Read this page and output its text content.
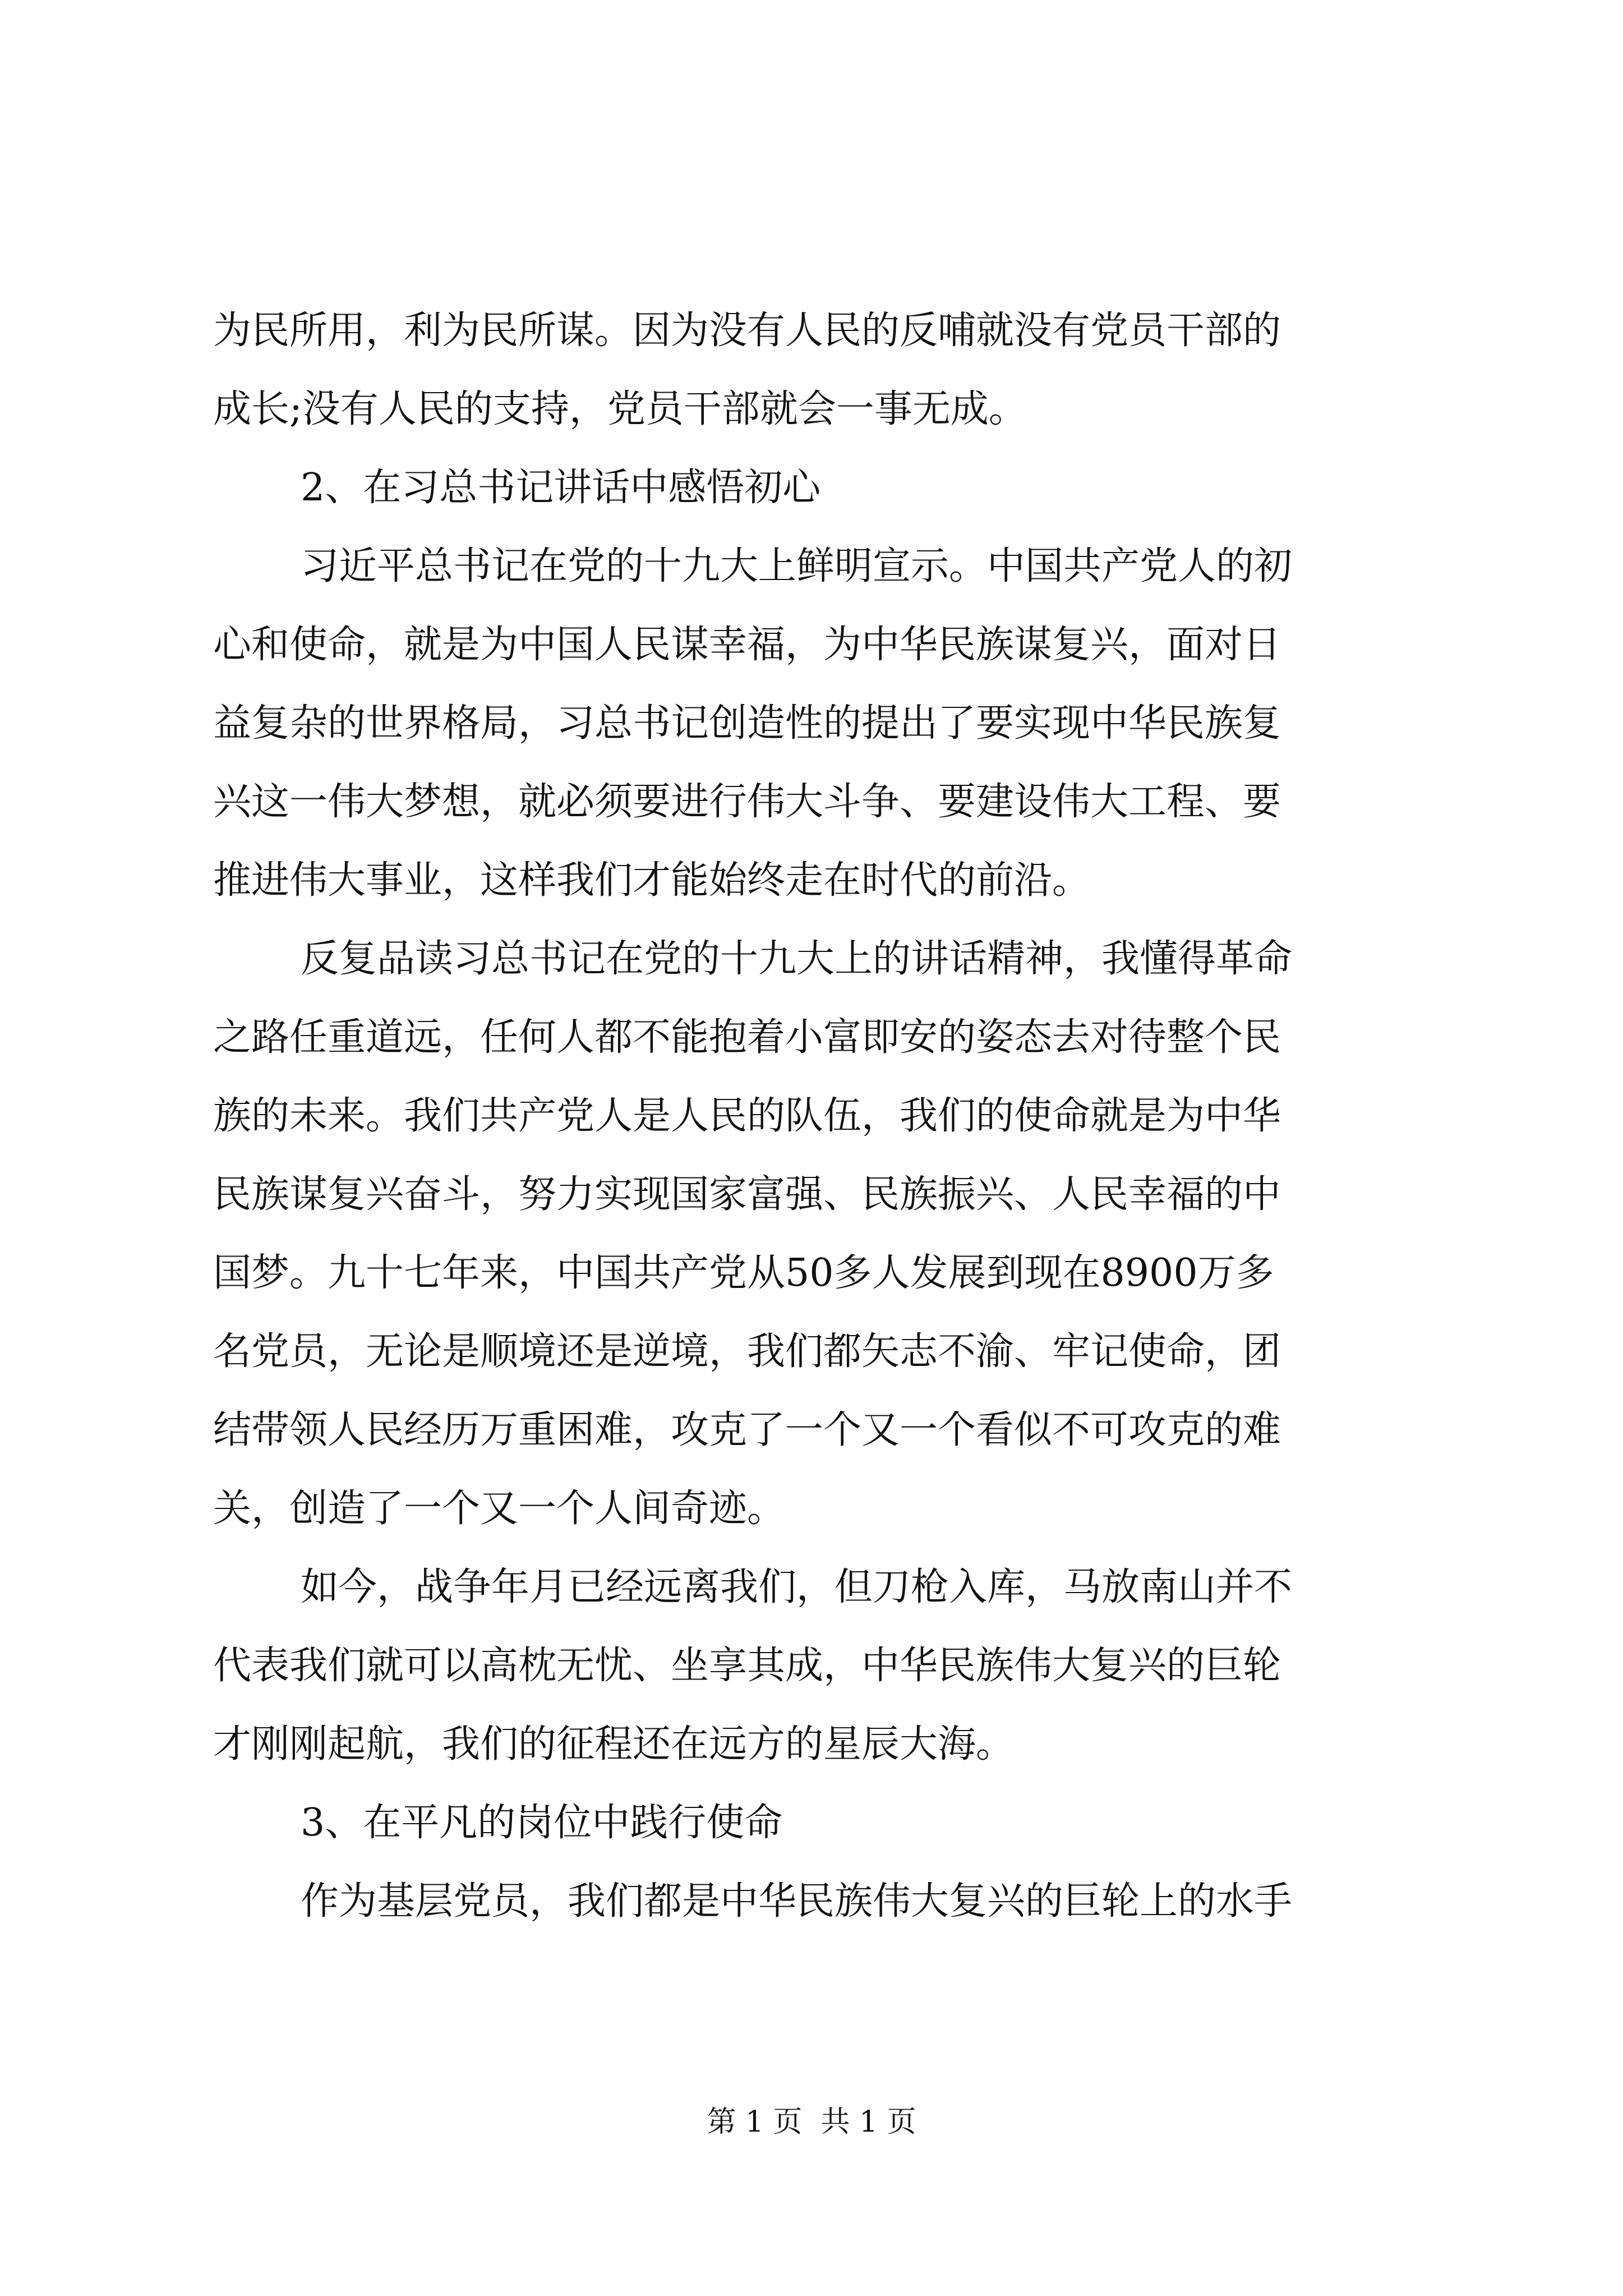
为民所用，利为民所谋。因为没有人民的反哺就没有党员干部的
成长;没有人民的支持，党员干部就会一事无成。
2、在习总书记讲话中感悟初心
习近平总书记在党的十九大上鲜明宣示。中国共产党人的初
心和使命，就是为中国人民谋幸福，为中华民族谋复兴，面对日
益复杂的世界格局，习总书记创造性的提出了要实现中华民族复
兴这一伟大梦想，就必须要进行伟大斗争、要建设伟大工程、要
推进伟大事业，这样我们才能始终走在时代的前沿。
反复品读习总书记在党的十九大上的讲话精神，我懂得革命
之路任重道远，任何人都不能抱着小富即安的姿态去对待整个民
族的未来。我们共产党人是人民的队伍，我们的使命就是为中华
民族谋复兴奋斗，努力实现国家富强、民族振兴、人民幸福的中
国梦。九十七年来，中国共产党从50多人发展到现在8900万多
名党员，无论是顺境还是逆境，我们都矢志不渝、牢记使命，团
结带领人民经历万重困难，攻克了一个又一个看似不可攻克的难
关，创造了一个又一个人间奇迹。
如今，战争年月已经远离我们，但刀枪入库，马放南山并不
代表我们就可以高枕无忧、坐享其成，中华民族伟大复兴的巨轮
才刚刚起航，我们的征程还在远方的星辰大海。
3、在平凡的岗位中践行使命
作为基层党员，我们都是中华民族伟大复兴的巨轮上的水手
第 1 页  共 1 页
